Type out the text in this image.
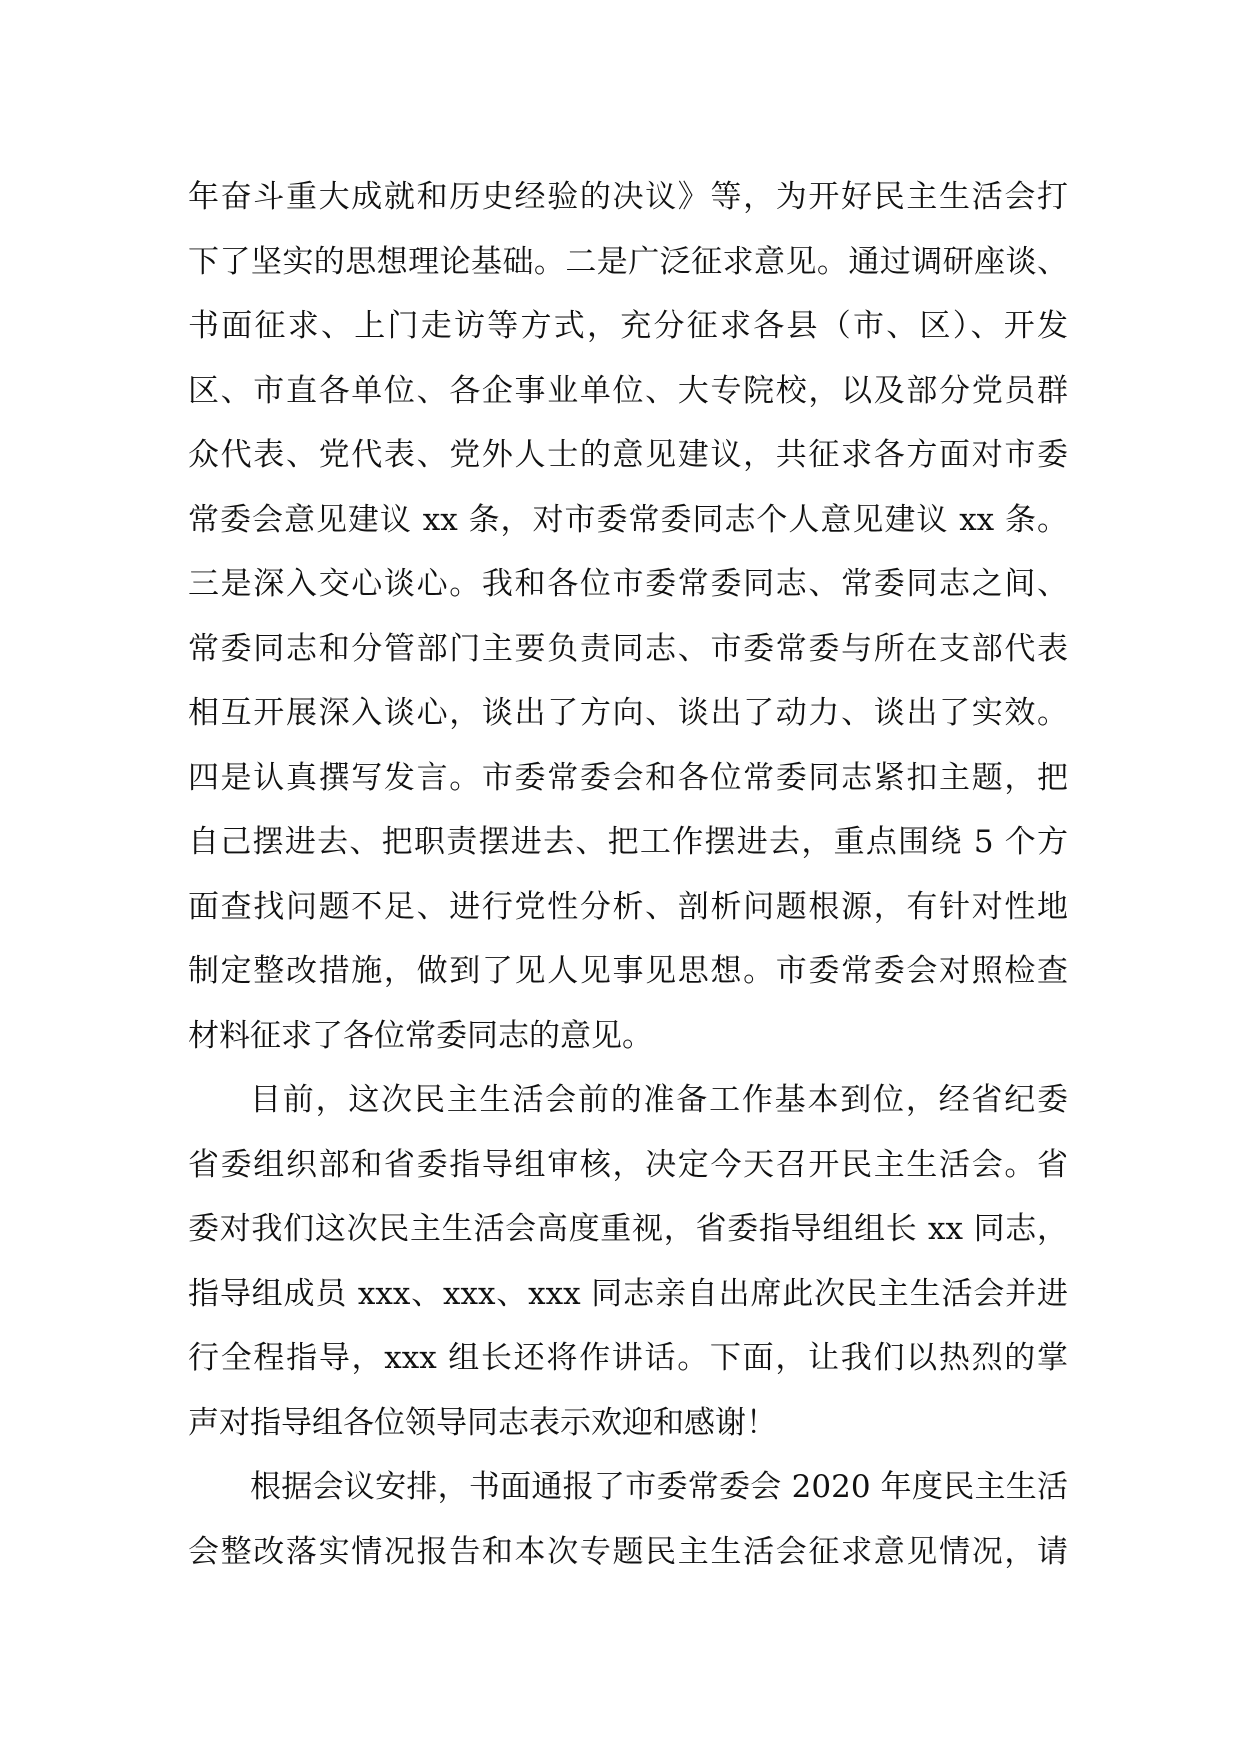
年奋斗重大成就和历史经验的决议》等，为开好民主生活会打
下了坚实的思想理论基础。二是广泛征求意见。通过调研座谈、
书面征求、上门走访等方式，充分征求各县（市、区）、开发
区、市直各单位、各企事业单位、大专院校，以及部分党员群
众代表、党代表、党外人士的意见建议，共征求各方面对市委
常委会意见建议 xx 条，对市委常委同志个人意见建议 xx 条。
三是深入交心谈心。我和各位市委常委同志、常委同志之间、
常委同志和分管部门主要负责同志、市委常委与所在支部代表
相互开展深入谈心，谈出了方向、谈出了动力、谈出了实效。
四是认真撰写发言。市委常委会和各位常委同志紧扣主题，把
自己摆进去、把职责摆进去、把工作摆进去，重点围绕 5 个方
面查找问题不足、进行党性分析、剖析问题根源，有针对性地
制定整改措施，做到了见人见事见思想。市委常委会对照检查
材料征求了各位常委同志的意见。
目前，这次民主生活会前的准备工作基本到位，经省纪委
省委组织部和省委指导组审核，决定今天召开民主生活会。省
委对我们这次民主生活会高度重视，省委指导组组长 xx 同志，
指导组成员 xxx、xxx、xxx 同志亲自出席此次民主生活会并进
行全程指导，xxx 组长还将作讲话。下面，让我们以热烈的掌
声对指导组各位领导同志表示欢迎和感谢！
根据会议安排，书面通报了市委常委会 2020 年度民主生活
会整改落实情况报告和本次专题民主生活会征求意见情况，请
